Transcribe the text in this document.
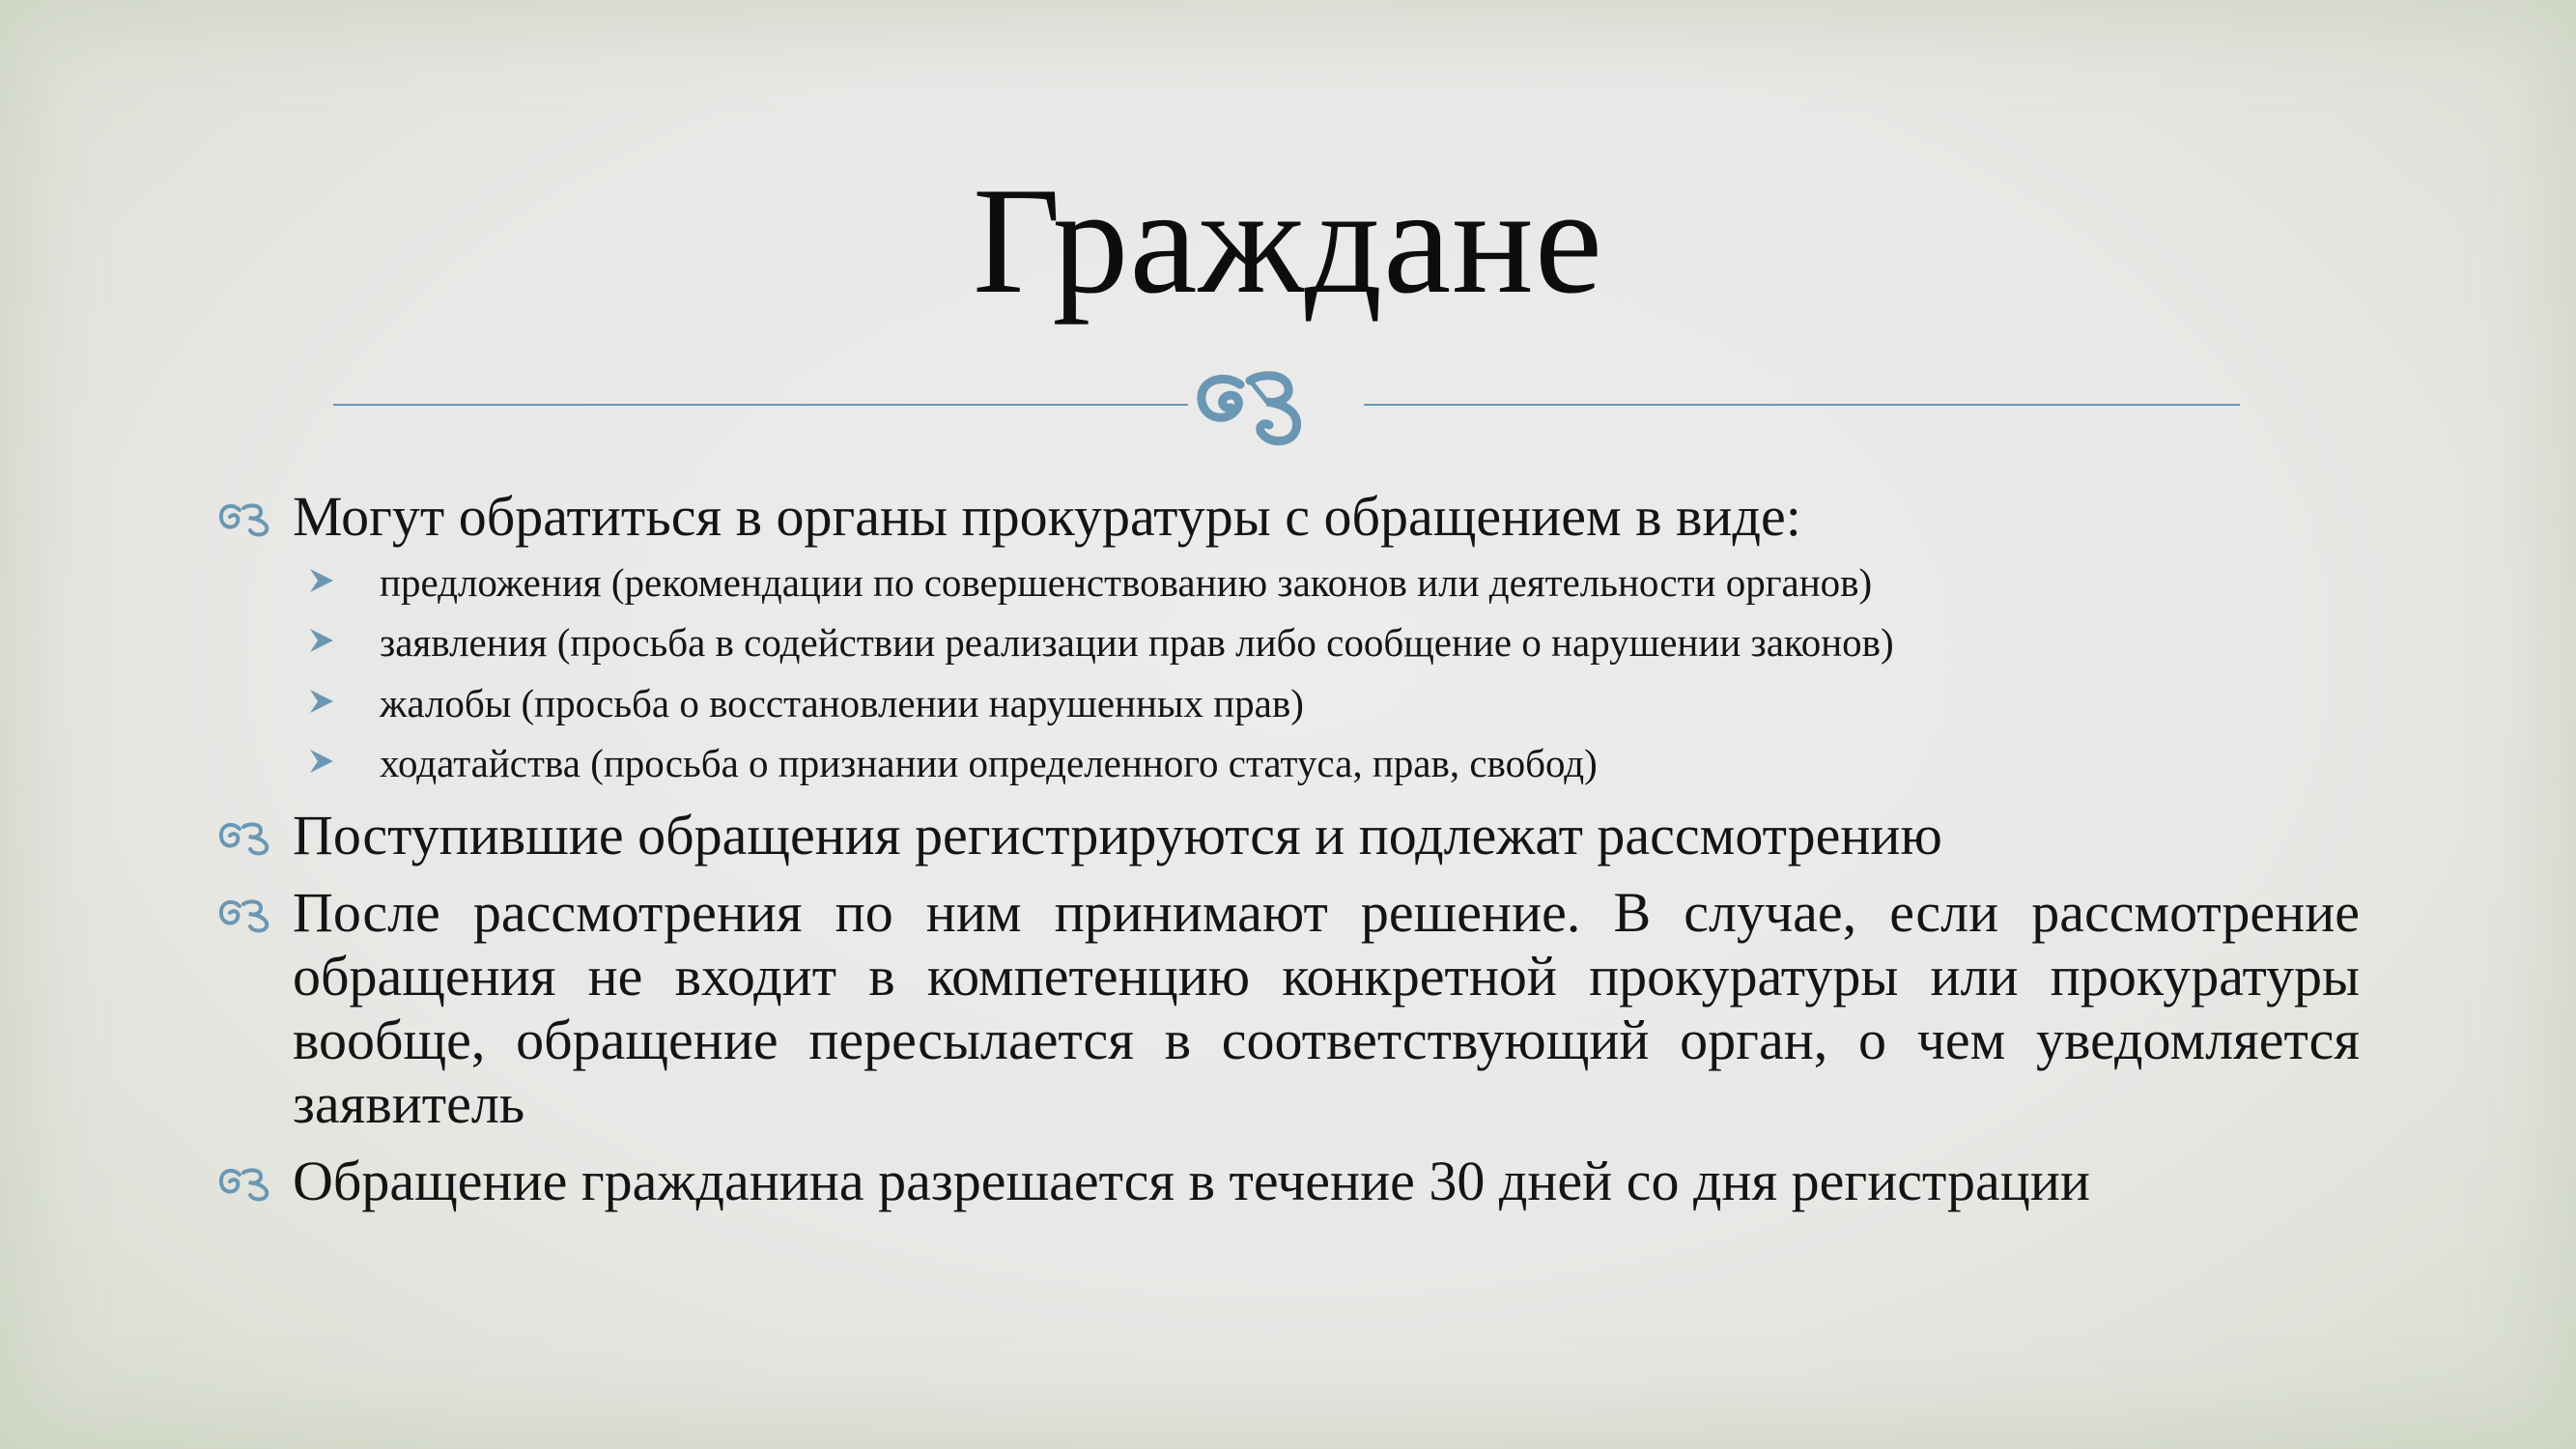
Граждане
Могут обратиться в органы прокуратуры с обращением в виде:
предложения (рекомендации по совершенствованию законов или деятельности органов)
заявления (просьба в содействии реализации прав либо сообщение о нарушении законов)
жалобы (просьба о восстановлении нарушенных прав)
ходатайства (просьба о признании определенного статуса, прав, свобод)
Поступившие обращения регистрируются и подлежат рассмотрению
После рассмотрения по ним принимают решение. В случае, если рассмотрение обращения не входит в компетенцию конкретной прокуратуры или прокуратуры вообще, обращение пересылается в соответствующий орган, о чем уведомляется заявитель
Обращение гражданина разрешается в течение 30 дней со дня регистрации
